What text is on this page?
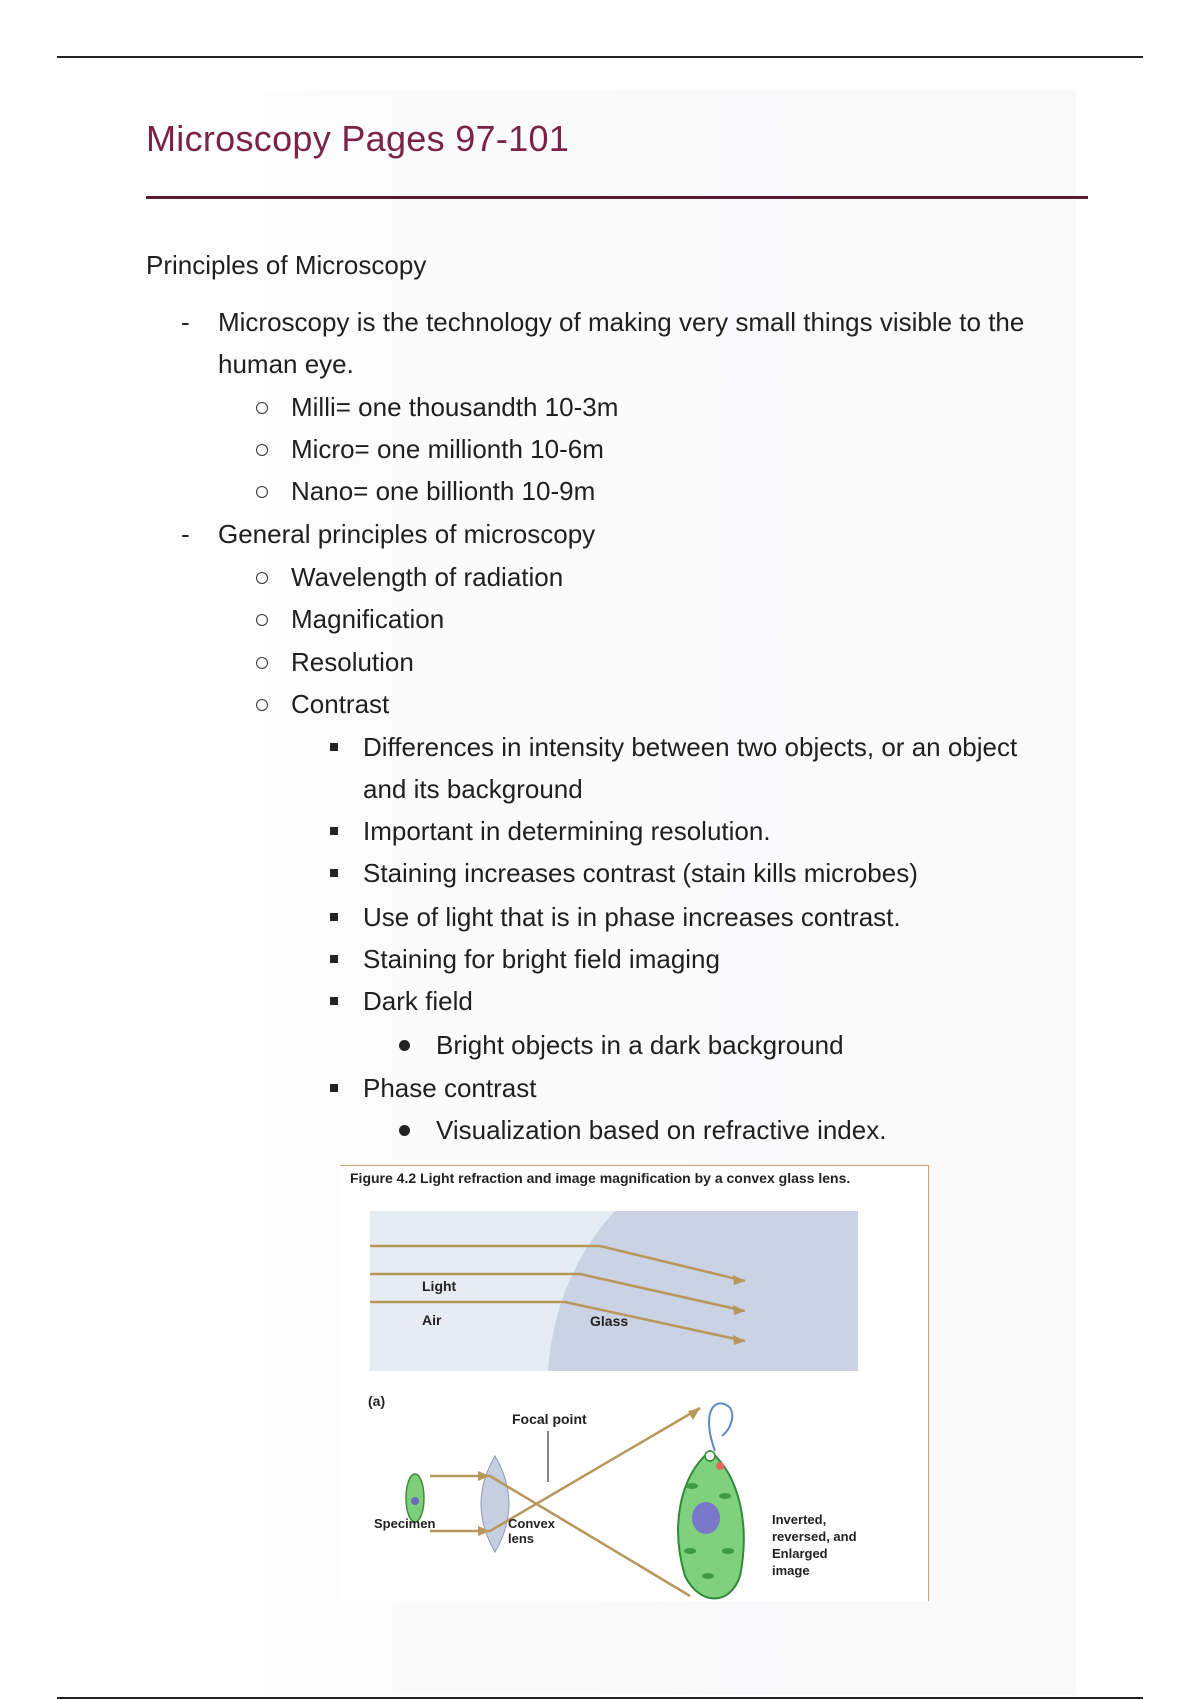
Microscopy Pages 97-101
Principles of Microscopy
- Microscopy is the technology of making very small things visible to the
human eye.
Milli= one thousandth 10-3m
Micro= one millionth 10-6m
Nano= one billionth 10-9m
- General principles of microscopy
Wavelength of radiation
Magnification
Resolution
Contrast
Differences in intensity between two objects, or an object
and its background
Important in determining resolution.
Staining increases contrast (stain kills microbes)
Use of light that is in phase increases contrast.
Staining for bright field imaging
Dark field
Bright objects in a dark background
Phase contrast
Visualization based on refractive index.

Figure 4.2 Light refraction and image magnification by a convex glass lens.

Light
Air	Glass
(a)
Focal point
Specimen	Convex
lens
Inverted,
reversed, and
Enlarged
image
